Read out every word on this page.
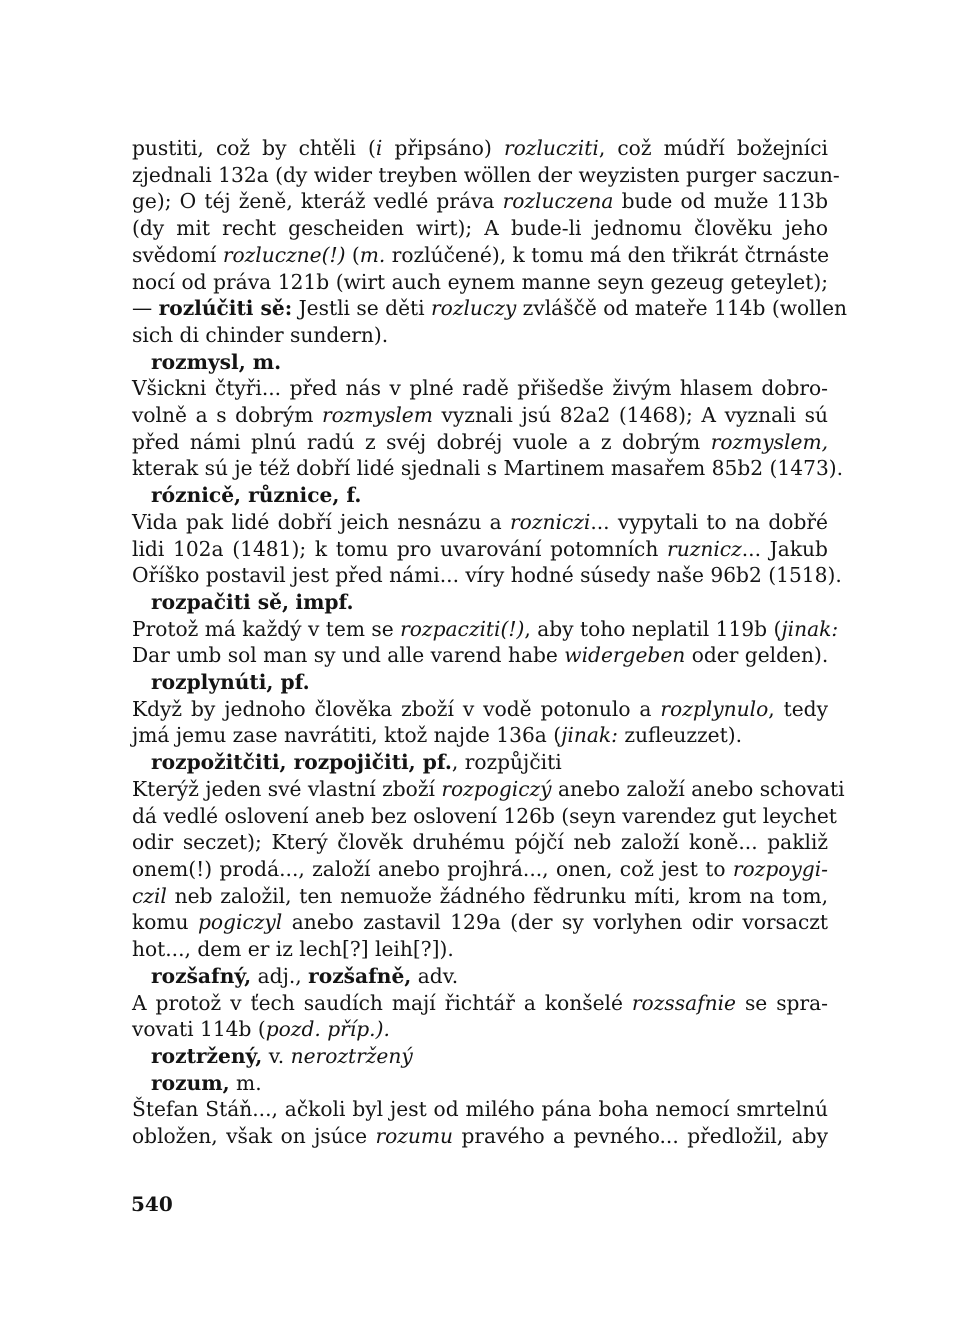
pustiti, což by chtěli (i připsáno) rozlucziti, což múdří božejníci
zjednali 132a (dy wider treyben wöllen der weyzisten purger saczun-
ge); O téj ženě, kteráž vedlé práva rozluczena bude od muže 113b
(dy mit recht gescheiden wirt); A bude-li jednomu člověku jeho
svědomí rozluczne(!) (m. rozlúčené), k tomu má den třikrát čtrnáste
nocí od práva 121b (wirt auch eynem manne seyn gezeug geteylet);
— rozlúčiti sě: Jestli se děti rozluczy zvláščě od mateře 114b (wollen
sich di chinder sundern).
rozmysl, m.
Všickni čtyři... před nás v plné radě přišedše živým hlasem dobro-
volně a s dobrým rozmyslem vyznali jsú 82a2 (1468); A vyznali sú
před námi plnú radú z svéj dobréj vuole a z dobrým rozmyslem,
kterak sú je též dobří lidé sjednali s Martinem masařem 85b2 (1473).
róznicě, různice, f.
Vida pak lidé dobří jeich nesnázu a rozniczi... vypytali to na dobřé
lidi 102a (1481); k tomu pro uvarování potomních ruznicz... Jakub
Oříško postavil jest před námi... víry hodné súsedy naše 96b2 (1518).
rozpačiti sě, impf.
Protož má každý v tem se rozpacziti(!), aby toho neplatil 119b (jinak:
Dar umb sol man sy und alle varend habe widergeben oder gelden).
rozplynúti, pf.
Když by jednoho člověka zboží v vodě potonulo a rozplynulo, tedy
jmá jemu zase navrátiti, ktož najde 136a (jinak: zufleuzzet).
rozpožitčiti, rozpojičiti, pf., rozpůjčiti
Kterýž jeden své vlastní zboží rozpogiczý anebo založí anebo schovati
dá vedlé oslovení aneb bez oslovení 126b (seyn varendez gut leychet
odir seczet); Který člověk druhému pójčí neb založí koně... pakliž
onem(!) prodá..., založí anebo projhrá..., onen, což jest to rozpoygi-
czil neb založil, ten nemuože žádného fědrunku míti, krom na tom,
komu pogiczyl anebo zastavil 129a (der sy vorlyhen odir vorsaczt
hot..., dem er iz lech[?] leih[?]).
rozšafný, adj., rozšafně, adv.
A protož v ťech saudích mají řichtář a konšelé rozssafnie se spra-
vovati 114b (pozd. příp.).
roztržený, v. neroztržený
rozum, m.
Štefan Stáň..., ačkoli byl jest od milého pána boha nemocí smrtelnú
obložen, však on jsúce rozumu pravého a pevného... předložil, aby
540
